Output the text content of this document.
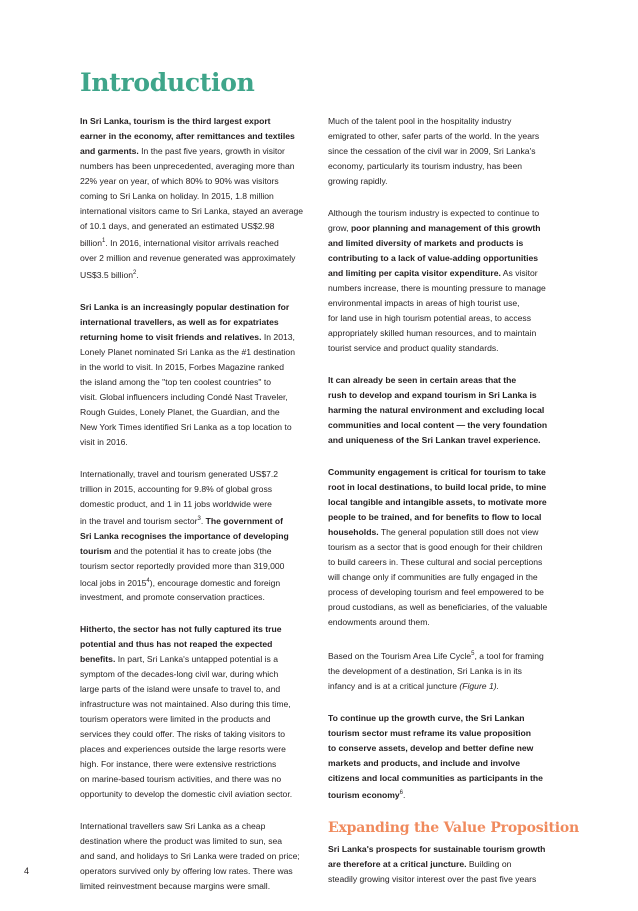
Introduction

In Sri Lanka, tourism is the third largest export
earner in the economy, after remittances and textiles
and garments. In the past five years, growth in visitor
numbers has been unprecedented, averaging more than
22% year on year, of which 80% to 90% was visitors
coming to Sri Lanka on holiday. In 2015, 1.8 million
international visitors came to Sri Lanka, stayed an average
of 10.1 days, and generated an estimated US$2.98
billion$^1$. In 2016, international visitor arrivals reached
over 2 million and revenue generated was approximately
US$3.5 billion$^2$.

Sri Lanka is an increasingly popular destination for
international travellers, as well as for expatriates
returning home to visit friends and relatives. In 2013,
Lonely Planet nominated Sri Lanka as the #1 destination
in the world to visit. In 2015, Forbes Magazine ranked
the island among the "top ten coolest countries" to
visit. Global influencers including Condé Nast Traveler,
Rough Guides, Lonely Planet, the Guardian, and the
New York Times identified Sri Lanka as a top location to
visit in 2016.

Internationally, travel and tourism generated US$7.2
trillion in 2015, accounting for 9.8% of global gross
domestic product, and 1 in 11 jobs worldwide were
in the travel and tourism sector$^3$. The government of
Sri Lanka recognises the importance of developing
tourism and the potential it has to create jobs (the
tourism sector reportedly provided more than 319,000
local jobs in 2015$^4$), encourage domestic and foreign
investment, and promote conservation practices.

Hitherto, the sector has not fully captured its true
potential and thus has not reaped the expected
benefits. In part, Sri Lanka's untapped potential is a
symptom of the decades-long civil war, during which
large parts of the island were unsafe to travel to, and
infrastructure was not maintained. Also during this time,
tourism operators were limited in the products and
services they could offer. The risks of taking visitors to
places and experiences outside the large resorts were
high. For instance, there were extensive restrictions
on marine-based tourism activities, and there was no
opportunity to develop the domestic civil aviation sector.

International travellers saw Sri Lanka as a cheap
destination where the product was limited to sun, sea
and sand, and holidays to Sri Lanka were traded on price;
operators survived only by offering low rates. There was
limited reinvestment because margins were small.

Much of the talent pool in the hospitality industry
emigrated to other, safer parts of the world. In the years
since the cessation of the civil war in 2009, Sri Lanka's
economy, particularly its tourism industry, has been
growing rapidly.

Although the tourism industry is expected to continue to
grow, poor planning and management of this growth
and limited diversity of markets and products is
contributing to a lack of value-adding opportunities
and limiting per capita visitor expenditure. As visitor
numbers increase, there is mounting pressure to manage
environmental impacts in areas of high tourist use,
for land use in high tourism potential areas, to access
appropriately skilled human resources, and to maintain
tourist service and product quality standards.

It can already be seen in certain areas that the
rush to develop and expand tourism in Sri Lanka is
harming the natural environment and excluding local
communities and local content — the very foundation
and uniqueness of the Sri Lankan travel experience.

Community engagement is critical for tourism to take
root in local destinations, to build local pride, to mine
local tangible and intangible assets, to motivate more
people to be trained, and for benefits to flow to local
households. The general population still does not view
tourism as a sector that is good enough for their children
to build careers in. These cultural and social perceptions
will change only if communities are fully engaged in the
process of developing tourism and feel empowered to be
proud custodians, as well as beneficiaries, of the valuable
endowments around them.

Based on the Tourism Area Life Cycle$^5$, a tool for framing
the development of a destination, Sri Lanka is in its
infancy and is at a critical juncture (Figure 1).

To continue up the growth curve, the Sri Lankan
tourism sector must reframe its value proposition
to conserve assets, develop and better define new
markets and products, and include and involve
citizens and local communities as participants in the
tourism economy$^6$.

Expanding the Value Proposition

Sri Lanka's prospects for sustainable tourism growth
are therefore at a critical juncture. Building on
steadily growing visitor interest over the past five years

4
